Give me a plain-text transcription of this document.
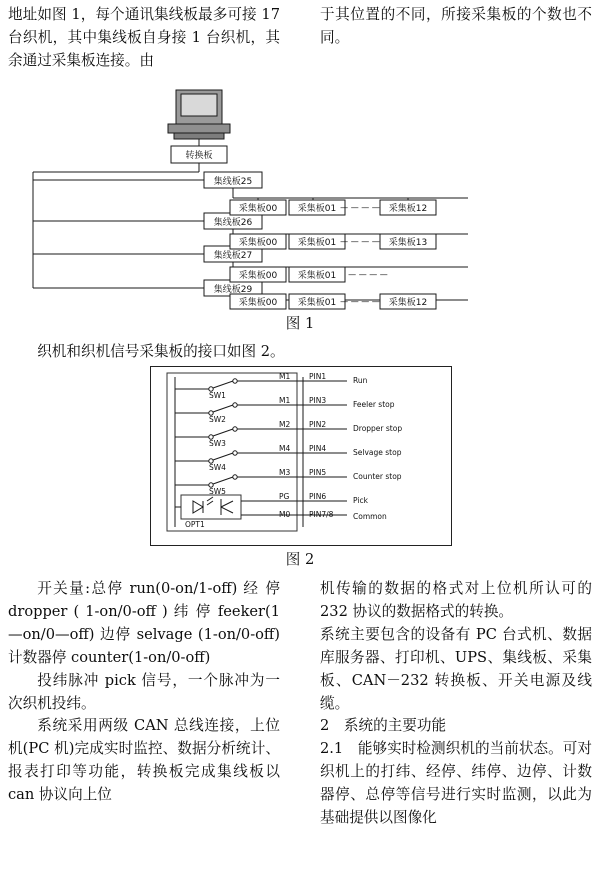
地址如图 1，每个通讯集线板最多可接 17 台织机，其中集线板自身接 1 台织机，其余通过采集板连接。由

于其位置的不同，所接采集板的个数也不同。

转换板
集线板25
集线板26
集线板27
集线板29
采集板00 采集板01	采集板12
— — — —
采集板00 采集板01	采集板13
— — — —
采集板00 采集板01 — — — —
采集板00 采集板01	采集板12
— — — —
图 1
织机和织机信号采集板的接口如图 2。
SW1
SW2
SW3
SW4
SW5
OPT1
M1	PIN1	Run
M1	PIN3	Feeler stop
M2	PIN2	Dropper stop
M4	PIN4	Selvage stop
M3	PIN5	Counter stop
PG	PIN6	Pick
M0	PIN7/8	Common
图 2

开关量:总停 run(0-on/1-off) 经 停 dropper ( 1-on/0-off ) 纬 停 feeker(1—on/0—off) 边停 selvage (1-on/0-off) 计数器停 counter(1-on/0-off)

投纬脉冲 pick 信号，一个脉冲为一次织机投纬。

系统采用两级 CAN 总线连接，上位机(PC 机)完成实时监控、数据分析统计、报表打印等功能，转换板完成集线板以 can 协议向上位

机传输的数据的格式对上位机所认可的 232 协议的数据格式的转换。

系统主要包含的设备有 PC 台式机、数据库服务器、打印机、UPS、集线板、采集板、CAN－232 转换板、开关电源及线缆。

2　系统的主要功能

2.1　能够实时检测织机的当前状态。可对织机上的打纬、经停、纬停、边停、计数器停、总停等信号进行实时监测，以此为基础提供以图像化
